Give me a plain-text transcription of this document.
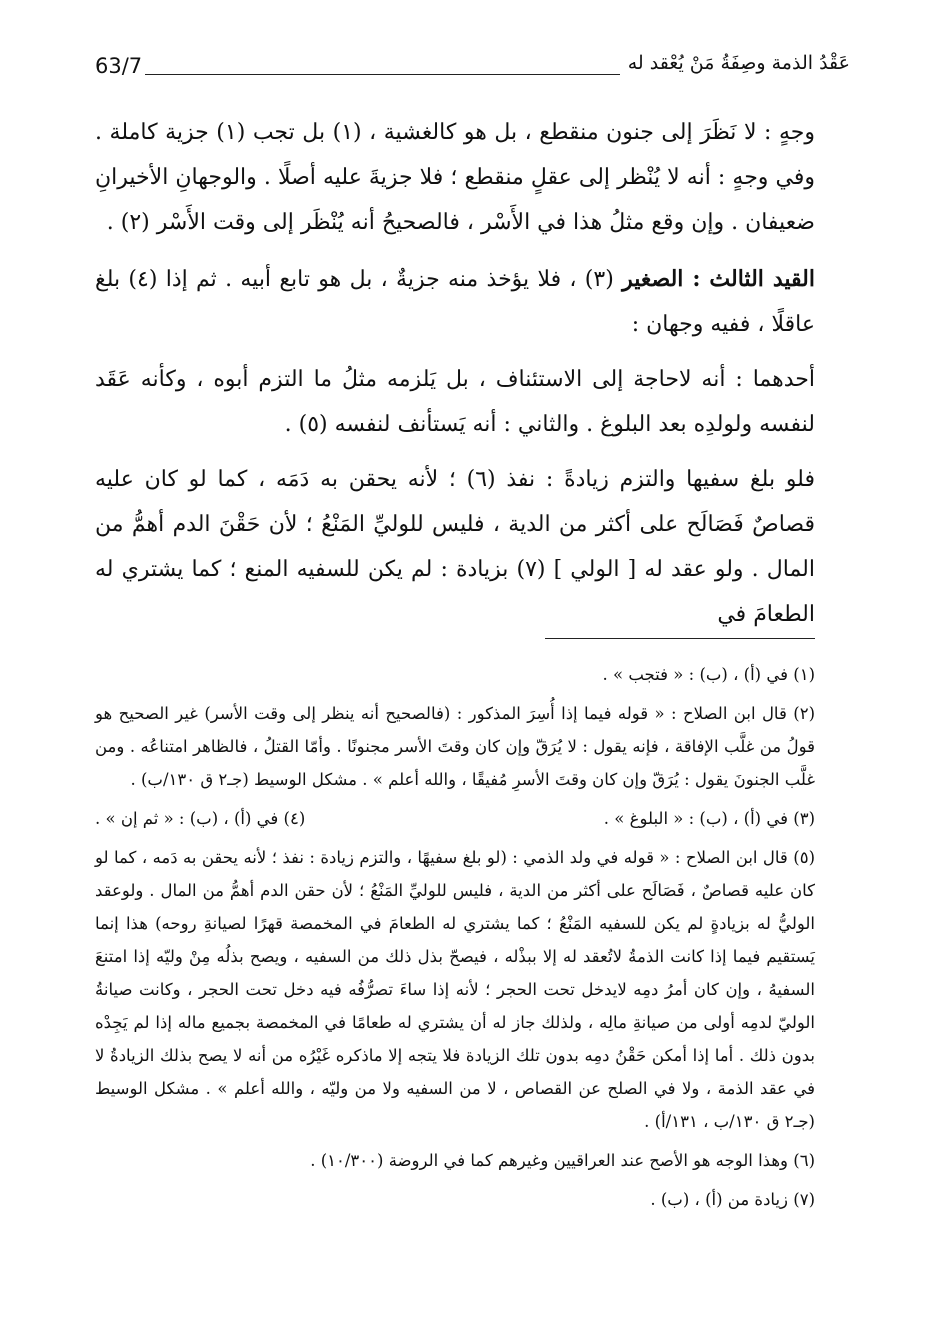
63/7	عَقْدُ الذمة وصِفَةُ مَنْ يُعْقد له

وجهٍ : لا نَظَرَ إلى جنون منقطع ، بل هو كالغشية ، (١) بل تجب (١) جزية كاملة . وفي وجهٍ : أنه لا يُنْظر إلى عقلٍ منقطع ؛ فلا جزيةَ عليه أصلًا . والوجهانِ الأخيرانِ ضعيفان . وإن وقع مثلُ هذا في الأَسْر ، فالصحيحُ أنه يُنْظَر إلى وقت الأَسْر (٢) .

القيد الثالث : الصغير (٣) ، فلا يؤخذ منه جزيةٌ ، بل هو تابع أبيه . ثم إذا (٤) بلغ عاقلًا ، ففيه وجهان :

أحدهما : أنه لاحاجة إلى الاستئناف ، بل يَلزمه مثلُ ما التزم أبوه ، وكأنه عَقَد لنفسه ولولدِه بعد البلوغ . والثاني : أنه يَستأنف لنفسه (٥) .

فلو بلغ سفيها والتزم زيادةً : نفذ (٦) ؛ لأنه يحقن به دَمَه ، كما لو كان عليه قصاصٌ فَصَالَح على أكثر من الدية ، فليس للوليِّ المَنْعُ ؛ لأن حَقْنَ الدم أهمُّ من المال . ولو عقد له [ الولي ] (٧) بزيادة : لم يكن للسفيه المنع ؛ كما يشتري له الطعامَ في

(١) في (أ) ، (ب) : « فتجب » .

(٢) قال ابن الصلاح : « قوله فيما إذا أُسِرَ المذكور : (فالصحيح أنه ينظر إلى وقت الأسر) غير الصحيح هو قولُ من غلَّب الإفاقة ، فإنه يقول : لا يُرَقّ وإن كان وقتَ الأسر مجنونًا . وأمّا القتلُ ، فالظاهر امتناعُه . ومن غلَّب الجنونَ يقول : يُرَقّ وإن كان وقتَ الأسرِ مُفيقًا ، والله أعلم » . مشكل الوسيط (جـ٢ ق ١٣٠/ب) .

(٣) في (أ) ، (ب) : « البلوغ » .
(٤) في (أ) ، (ب) : « ثم إن » .

(٥) قال ابن الصلاح : « قوله في ولد الذمي : (لو بلغ سفيهًا ، والتزم زيادة : نفذ ؛ لأنه يحقن به دَمه ، كما لو كان عليه قصاصٌ ، فَصَالَح على أكثر من الدية ، فليس للوليِّ المَنْعُ ؛ لأن حقن الدم أهمُّ من المال . ولوعقد الوليُّ له بزيادةٍ لم يكن للسفيه المَنْعُ ؛ كما يشتري له الطعامَ في المخمصة قهرًا لصيانةِ روحه) هذا إنما يَستقيم فيما إذا كانت الذمةُ لاتُعقد له إلا ببذْله ، فيصحّ بذل ذلك من السفيه ، ويصح بذلُه مِنْ وليّه إذا امتنعَ السفيهُ ، وإن كان أمرُ دمِه لايدخل تحت الحجر ؛ لأنه إذا ساءَ تصرُّفُه فيه دخل تحت الحجر ، وكانت صيانةُ الوليّ لدمِه أولى من صيانةِ مالِه ، ولذلك جاز له أن يشتري له طعامًا في المخمصة بجميع ماله إذا لم يَجِدْه بدون ذلك . أما إذا أمكن حَقْنُ دمِه بدون تلك الزيادة فلا يتجه إلا ماذكره غَيْرُه من أنه لا يصح بذلك الزيادةُ لا في عقد الذمة ، ولا في الصلح عن القصاص ، لا من السفيه ولا من وليّه ، والله أعلم » . مشكل الوسيط (جـ٢ ق ١٣٠/ب ، ١٣١/أ) .

(٦) وهذا الوجه هو الأصح عند العراقيين وغيرهم كما في الروضة (١٠/٣٠٠) .

(٧) زيادة من (أ) ، (ب) .
